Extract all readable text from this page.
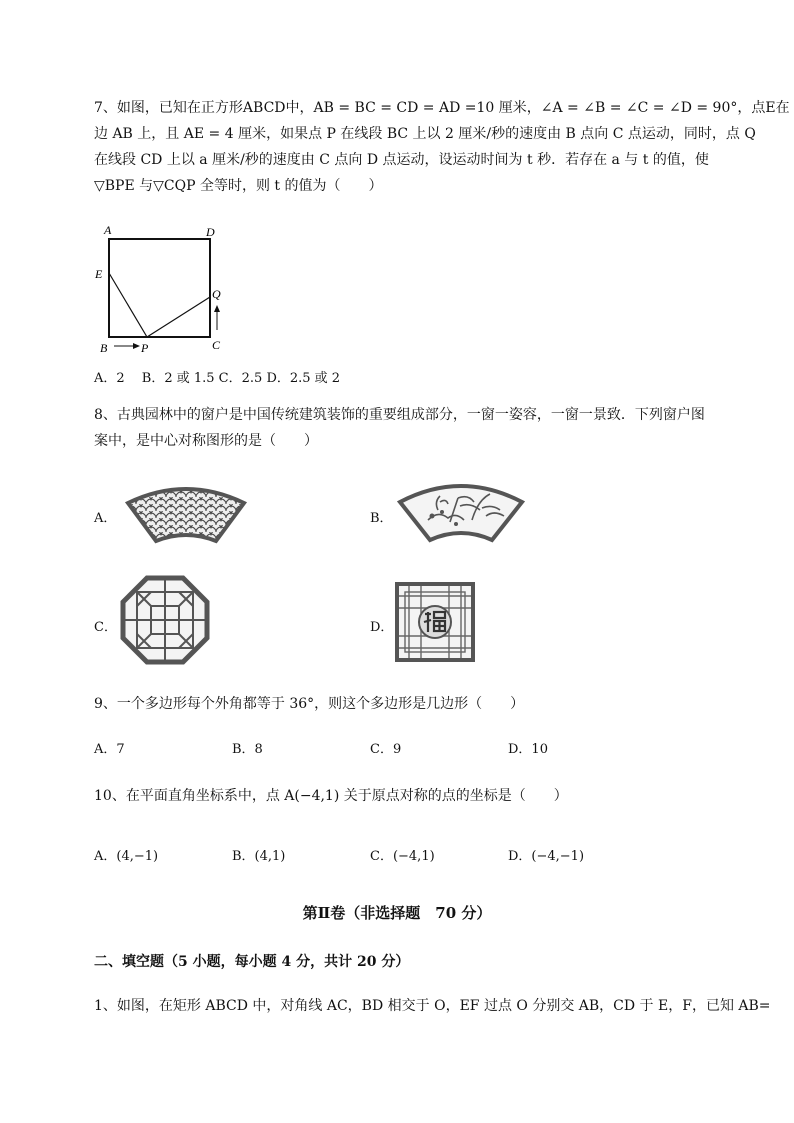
7、如图，已知在正方形ABCD中，AB = BC = CD = AD =10 厘米，∠A = ∠B = ∠C = ∠D = 90°，点E在
边 AB 上，且 AE = 4 厘米，如果点 P 在线段 BC 上以 2 厘米/秒的速度由 B 点向 C 点运动，同时，点 Q
在线段 CD 上以 a 厘米/秒的速度由 C 点向 D 点运动，设运动时间为 t 秒．若存在 a 与 t 的值，使
▽BPE 与▽CQP 全等时，则 t 的值为（　　）
A	D
E
Q
B	P	C
A．2　 B．2 或 1.5 C．2.5 D．2.5 或 2
8、古典园林中的窗户是中国传统建筑装饰的重要组成部分，一窗一姿容，一窗一景致．下列窗户图
案中，是中心对称图形的是（　　）
A．	B．
C．	D．
9、一个多边形每个外角都等于 36°，则这个多边形是几边形（　　）
A．7	B．8	C．9	D．10
10、在平面直角坐标系中，点 A(−4,1) 关于原点对称的点的坐标是（　　）
A．(4,−1)	B．(4,1)	C．(−4,1)	D．(−4,−1)
第Ⅱ卷（非选择题　70 分）
二、填空题（5 小题，每小题 4 分，共计 20 分）
1、如图，在矩形 ABCD 中，对角线 AC，BD 相交于 O，EF 过点 O 分别交 AB，CD 于 E，F，已知 AB=
